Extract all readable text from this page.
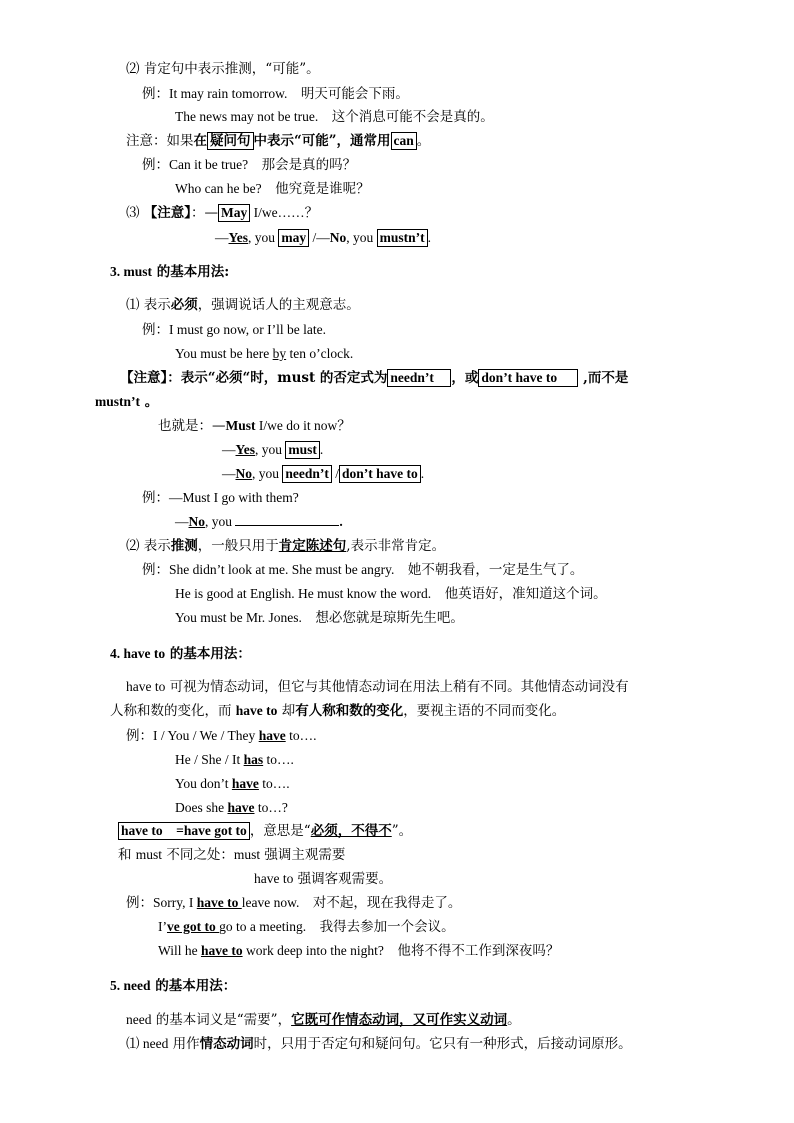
⑵ 肯定句中表示推测，“可能”。
例：It may rain tomorrow.　明天可能会下雨。
The news may not be true.　这个消息可能不会是真的。
注意：如果在 疑问句 中表示“可能”，通常用 can 。
例：Can it be true?　那会是真的吗？
Who can he be?　他究竟是谁呢？
⑶ 【注意】：— May I/we……？
—Yes, you may /—No, you mustn’t .
3. must 的基本用法:
⑴ 表示必须，强调说话人的主观意志。
例：I must go now, or I’ll be late.
You must be here by ten o’clock.
【注意】：表示“必须“时，must 的否定式为 needn’t ，或 don’t have to ,而不是
mustn’t 。
也就是：—Must I/we do it now？
—Yes, you must .
—No, you needn’t / don’t have to .
例：—Must I go with them?
—No, you	.
⑵ 表示推测，一般只用于肯定陈述句,表示非常肯定。
例：She didn’t look at me. She must be angry.　她不朝我看，一定是生气了。
He is good at English. He must know the word.　他英语好，准知道这个词。
You must be Mr. Jones.　想必您就是琼斯先生吧。
4. have to 的基本用法：
have to 可视为情态动词，但它与其他情态动词在用法上稍有不同。其他情态动词没有
人称和数的变化，而 have to 却有人称和数的变化，要视主语的不同而变化。
例：I / You / We / They have to….
He / She / It has to….
You don’t have to….
Does she have to…?
have to　=have got to ，意思是“必须，不得不”。
和 must 不同之处：must 强调主观需要
have to 强调客观需要。
例：Sorry, I have to leave now.　对不起，现在我得走了。
I’ve got to go to a meeting.　我得去参加一个会议。
Will he have to work deep into the night?　他将不得不工作到深夜吗？
5. need 的基本用法：
need 的基本词义是“需要”，它既可作情态动词，又可作实义动词。
⑴ need 用作情态动词时，只用于否定句和疑问句。它只有一种形式，后接动词原形。
